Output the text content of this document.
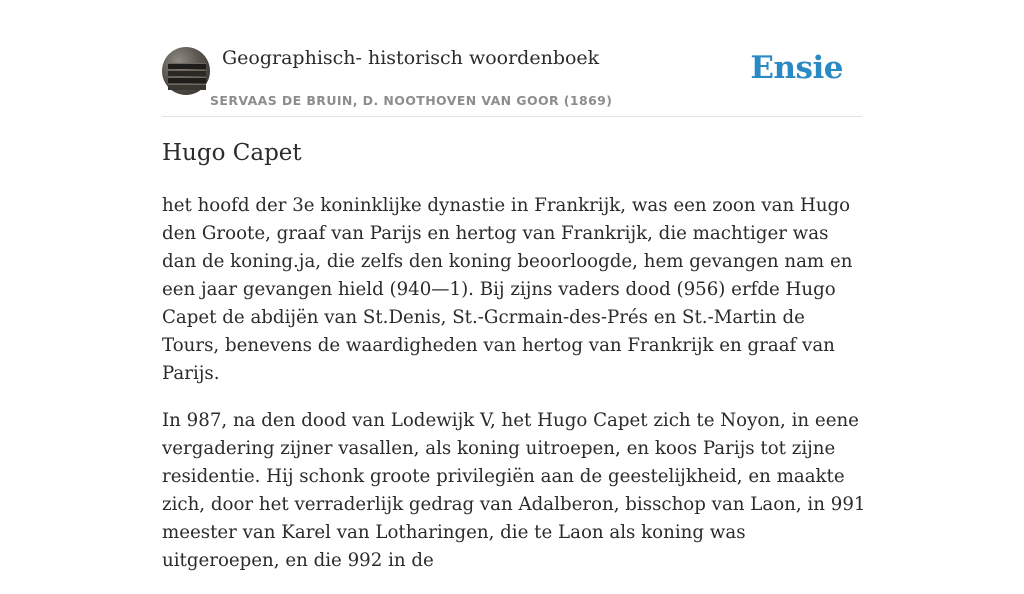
Geographisch- historisch woordenboek
SERVAAS DE BRUIN, D. NOOTHOVEN VAN GOOR (1869)
Ensie
Hugo Capet

het hoofd der 3e koninklijke dynastie in Frankrijk, was een zoon van Hugo den Groote, graaf van Parijs en hertog van Frankrijk, die machtiger was dan de koning.ja, die zelfs den koning beoorloogde, hem gevangen nam en een jaar gevangen hield (940—1). Bij zijns vaders dood (956) erfde Hugo Capet de abdijën van St.Denis, St.-Gcrmain-des-Prés en St.-Martin de Tours, benevens de waardigheden van hertog van Frankrijk en graaf van Parijs.

In 987, na den dood van Lodewijk V, het Hugo Capet zich te Noyon, in eene vergadering zijner vasallen, als koning uitroepen, en koos Parijs tot zijne residentie. Hij schonk groote privilegiën aan de geestelijkheid, en maakte zich, door het verraderlijk gedrag van Adalberon, bisschop van Laon, in 991 meester van Karel van Lotharingen, die te Laon als koning was uitgeroepen, en die 992 in de
